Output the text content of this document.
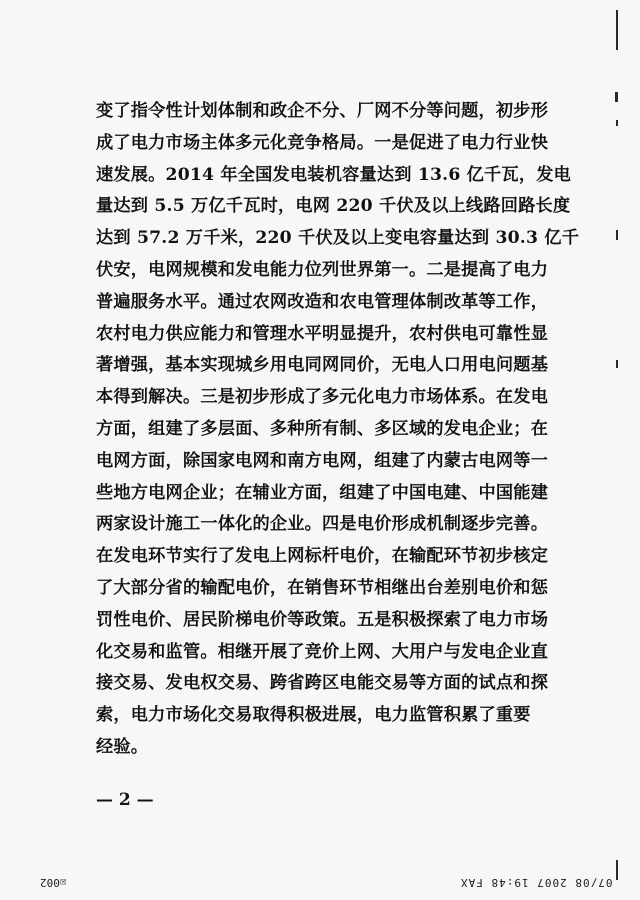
变了指令性计划体制和政企不分、厂网不分等问题，初步形
成了电力市场主体多元化竞争格局。一是促进了电力行业快
速发展。2014 年全国发电装机容量达到 13.6 亿千瓦，发电
量达到 5.5 万亿千瓦时，电网 220 千伏及以上线路回路长度
达到 57.2 万千米，220 千伏及以上变电容量达到 30.3 亿千
伏安，电网规模和发电能力位列世界第一。二是提高了电力
普遍服务水平。通过农网改造和农电管理体制改革等工作，
农村电力供应能力和管理水平明显提升，农村供电可靠性显
著增强，基本实现城乡用电同网同价，无电人口用电问题基
本得到解决。三是初步形成了多元化电力市场体系。在发电
方面，组建了多层面、多种所有制、多区域的发电企业；在
电网方面，除国家电网和南方电网，组建了内蒙古电网等一
些地方电网企业；在辅业方面，组建了中国电建、中国能建
两家设计施工一体化的企业。四是电价形成机制逐步完善。
在发电环节实行了发电上网标杆电价，在输配环节初步核定
了大部分省的输配电价，在销售环节相继出台差别电价和惩
罚性电价、居民阶梯电价等政策。五是积极探索了电力市场
化交易和监管。相继开展了竞价上网、大用户与发电企业直
接交易、发电权交易、跨省跨区电能交易等方面的试点和探
索，电力市场化交易取得积极进展，电力监管积累了重要
经验。
— 2 —
☒002	07/08 2007 19:48 FAX
